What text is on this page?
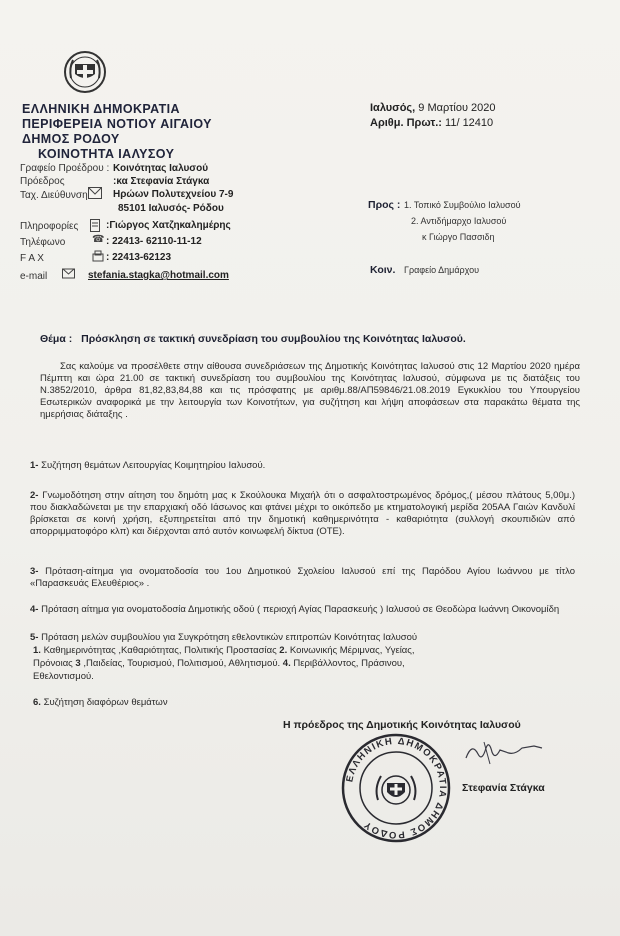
ΕΛΛΗΝΙΚΗ ΔΗΜΟΚΡΑΤΙΑ
ΠΕΡΙΦΕΡΕΙΑ ΝΟΤΙΟΥ ΑΙΓΑΙΟΥ
ΔΗΜΟΣ ΡΟΔΟΥ
ΚΟΙΝΟΤΗΤΑ ΙΑΛΥΣΟΥ
Γραφείο Προέδρου : Κοινότητας Ιαλυσού
Πρόεδρος	:κα Στεφανία Στάγκα
Ταχ. Διεύθυνση	Ηρώων Πολυτεχνείου 7-9
85101 Ιαλυσός- Ρόδου
Πληροφορίες	:Γιώργος Χατζηκαλημέρης
Τηλέφωνο	☎ : 22413- 62110-11-12
F A X	: 22413-62123
e-mail	stefania.stagka@hotmail.com
Ιαλυσός, 9 Μαρτίου 2020
Αριθμ. Πρωτ.: 11/ 12410
Προς : 1. Τοπικό Συμβούλιο Ιαλυσού
2. Αντιδήμαρχο Ιαλυσού
κ Γιώργο Πασσιδη
Κοιν. Γραφείο Δημάρχου
Θέμα : Πρόσκληση σε τακτική συνεδρίαση του συμβουλίου της Κοινότητας Ιαλυσού.
Σας καλούμε να προσέλθετε στην αίθουσα συνεδριάσεων της Δημοτικής Κοινότητας Ιαλυσού στις 12 Μαρτίου 2020 ημέρα Πέμπτη και ώρα 21.00 σε τακτική συνεδρίαση του συμβουλίου της Κοινότητας Ιαλυσού, σύμφωνα με τις διατάξεις του Ν.3852/2010, άρθρα 81,82,83,84,88 και τις πρόσφατης με αριθμ.88/ΑΠ59846/21.08.2019 Εγκυκλίου του Υπουργείου Εσωτερικών αναφορικά με την λειτουργία των Κοινοτήτων, για συζήτηση και λήψη αποφάσεων στα παρακάτω θέματα της ημερήσιας διάταξης .
1- Συζήτηση θεμάτων Λειτουργίας Κοιμητηρίου Ιαλυσού.
2- Γνωμοδότηση στην αίτηση του δημότη μας κ Σκούλουκα Μιχαήλ ότι ο ασφαλτοστρωμένος δρόμος,( μέσου πλάτους 5,00μ.) που διακλαδώνεται με την επαρχιακή οδό Ιάσωνος και φτάνει μέχρι το οικόπεδο με κτηματολογική μερίδα 205ΑΑ Γαιών Κανδυλί βρίσκεται σε κοινή χρήση, εξυπηρετείται από την δημοτική καθημερινότητα - καθαριότητα (συλλογή σκουπιδιών από απορριμματοφόρο κλπ) και διέρχονται από αυτόν κοινωφελή δίκτυα (ΟΤΕ).
3- Πρόταση-αίτημα για ονοματοδοσία του 1ου Δημοτικού Σχολείου Ιαλυσού επί της Παρόδου Αγίου Ιωάννου με τίτλο «Παρασκευάς Ελευθέριος» .
4- Πρόταση αίτημα για ονοματοδοσία Δημοτικής οδού ( περιοχή Αγίας Παρασκευής ) Ιαλυσού σε Θεοδώρα Ιωάννη Οικονομίδη
5- Πρόταση μελών συμβουλίου για Συγκρότηση εθελοντικών επιτροπών Κοινότητας Ιαλυσού
1. Καθημερινότητας ,Καθαριότητας, Πολιτικής Προστασίας 2. Κοινωνικής Μέριμνας, Υγείας,
Πρόνοιας 3 ,Παιδείας, Τουρισμού, Πολιτισμού, Αθλητισμού. 4. Περιβάλλοντος, Πράσινου,
Εθελοντισμού.
6. Συζήτηση διαφόρων θεμάτων
Η πρόεδρος της Δημοτικής Κοινότητας Ιαλυσού
ΕΛΛΗΝΙΚΗ ΔΗΜΟΚΡΑΤΙΑ ΔΗΜΟΣ ΡΟΔΟΥ
Στεφανία Στάγκα
